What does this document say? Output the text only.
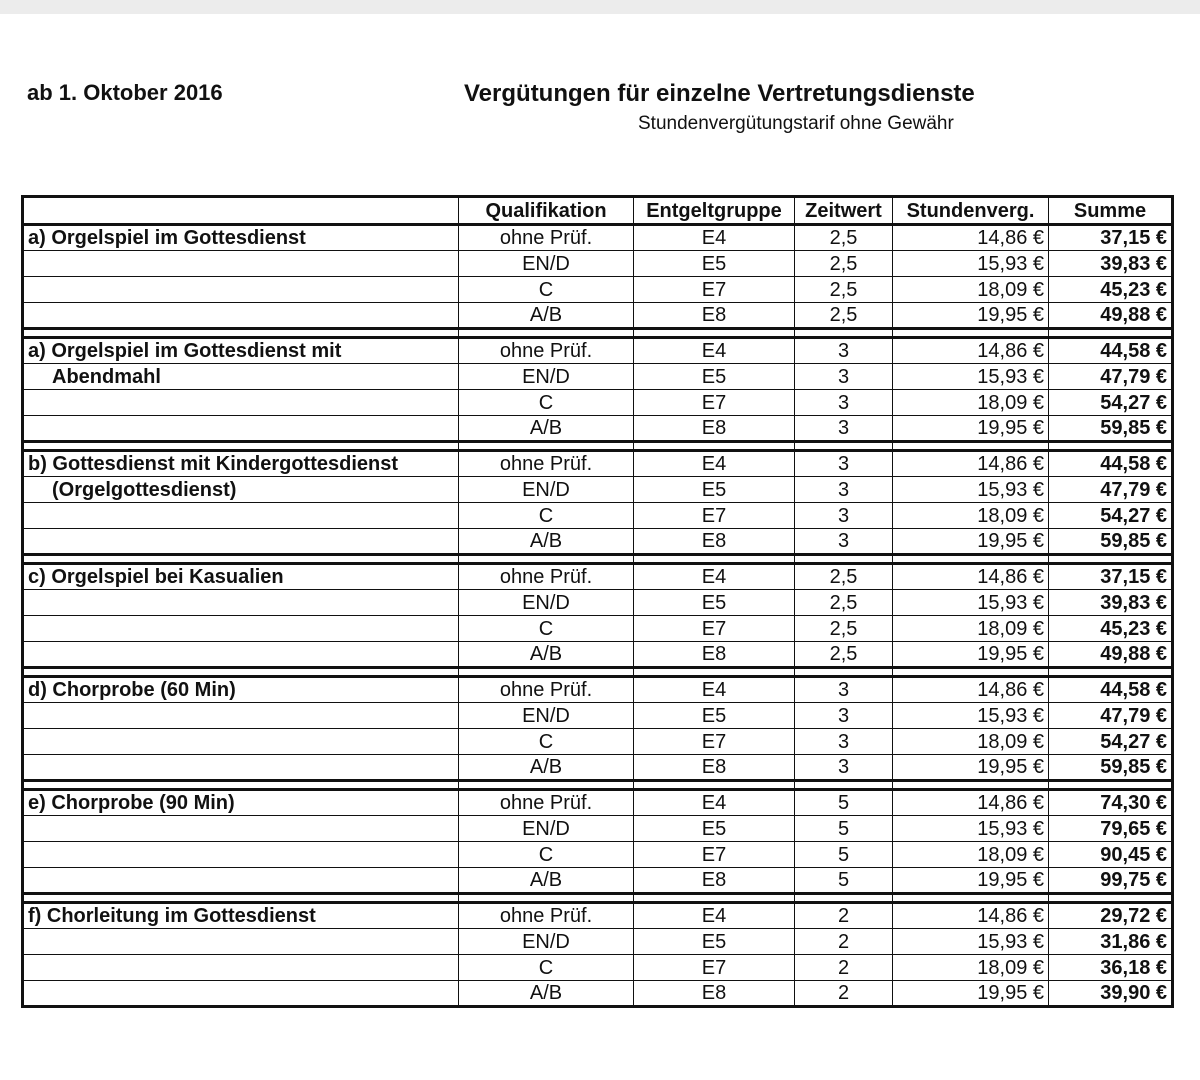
ab 1. Oktober 2016	Vergütungen für einzelne Vertretungsdienste
Stundenvergütungstarif ohne Gewähr
	Qualifikation	Entgeltgruppe	Zeitwert	Stundenverg.	Summe
a) Orgelspiel im Gottesdienst	ohne Prüf.	E4	2,5	14,86 €	37,15 €
	EN/D	E5	2,5	15,93 €	39,83 €
	C	E7	2,5	18,09 €	45,23 €
	A/B	E8	2,5	19,95 €	49,88 €

a) Orgelspiel im Gottesdienst mit	ohne Prüf.	E4	3	14,86 €	44,58 €
Abendmahl	EN/D	E5	3	15,93 €	47,79 €
	C	E7	3	18,09 €	54,27 €
	A/B	E8	3	19,95 €	59,85 €

b) Gottesdienst mit Kindergottesdienst	ohne Prüf.	E4	3	14,86 €	44,58 €
(Orgelgottesdienst)	EN/D	E5	3	15,93 €	47,79 €
	C	E7	3	18,09 €	54,27 €
	A/B	E8	3	19,95 €	59,85 €

c) Orgelspiel bei Kasualien	ohne Prüf.	E4	2,5	14,86 €	37,15 €
	EN/D	E5	2,5	15,93 €	39,83 €
	C	E7	2,5	18,09 €	45,23 €
	A/B	E8	2,5	19,95 €	49,88 €

d) Chorprobe (60 Min)	ohne Prüf.	E4	3	14,86 €	44,58 €
	EN/D	E5	3	15,93 €	47,79 €
	C	E7	3	18,09 €	54,27 €
	A/B	E8	3	19,95 €	59,85 €

e) Chorprobe (90 Min)	ohne Prüf.	E4	5	14,86 €	74,30 €
	EN/D	E5	5	15,93 €	79,65 €
	C	E7	5	18,09 €	90,45 €
	A/B	E8	5	19,95 €	99,75 €

f) Chorleitung im Gottesdienst	ohne Prüf.	E4	2	14,86 €	29,72 €
	EN/D	E5	2	15,93 €	31,86 €
	C	E7	2	18,09 €	36,18 €
	A/B	E8	2	19,95 €	39,90 €
